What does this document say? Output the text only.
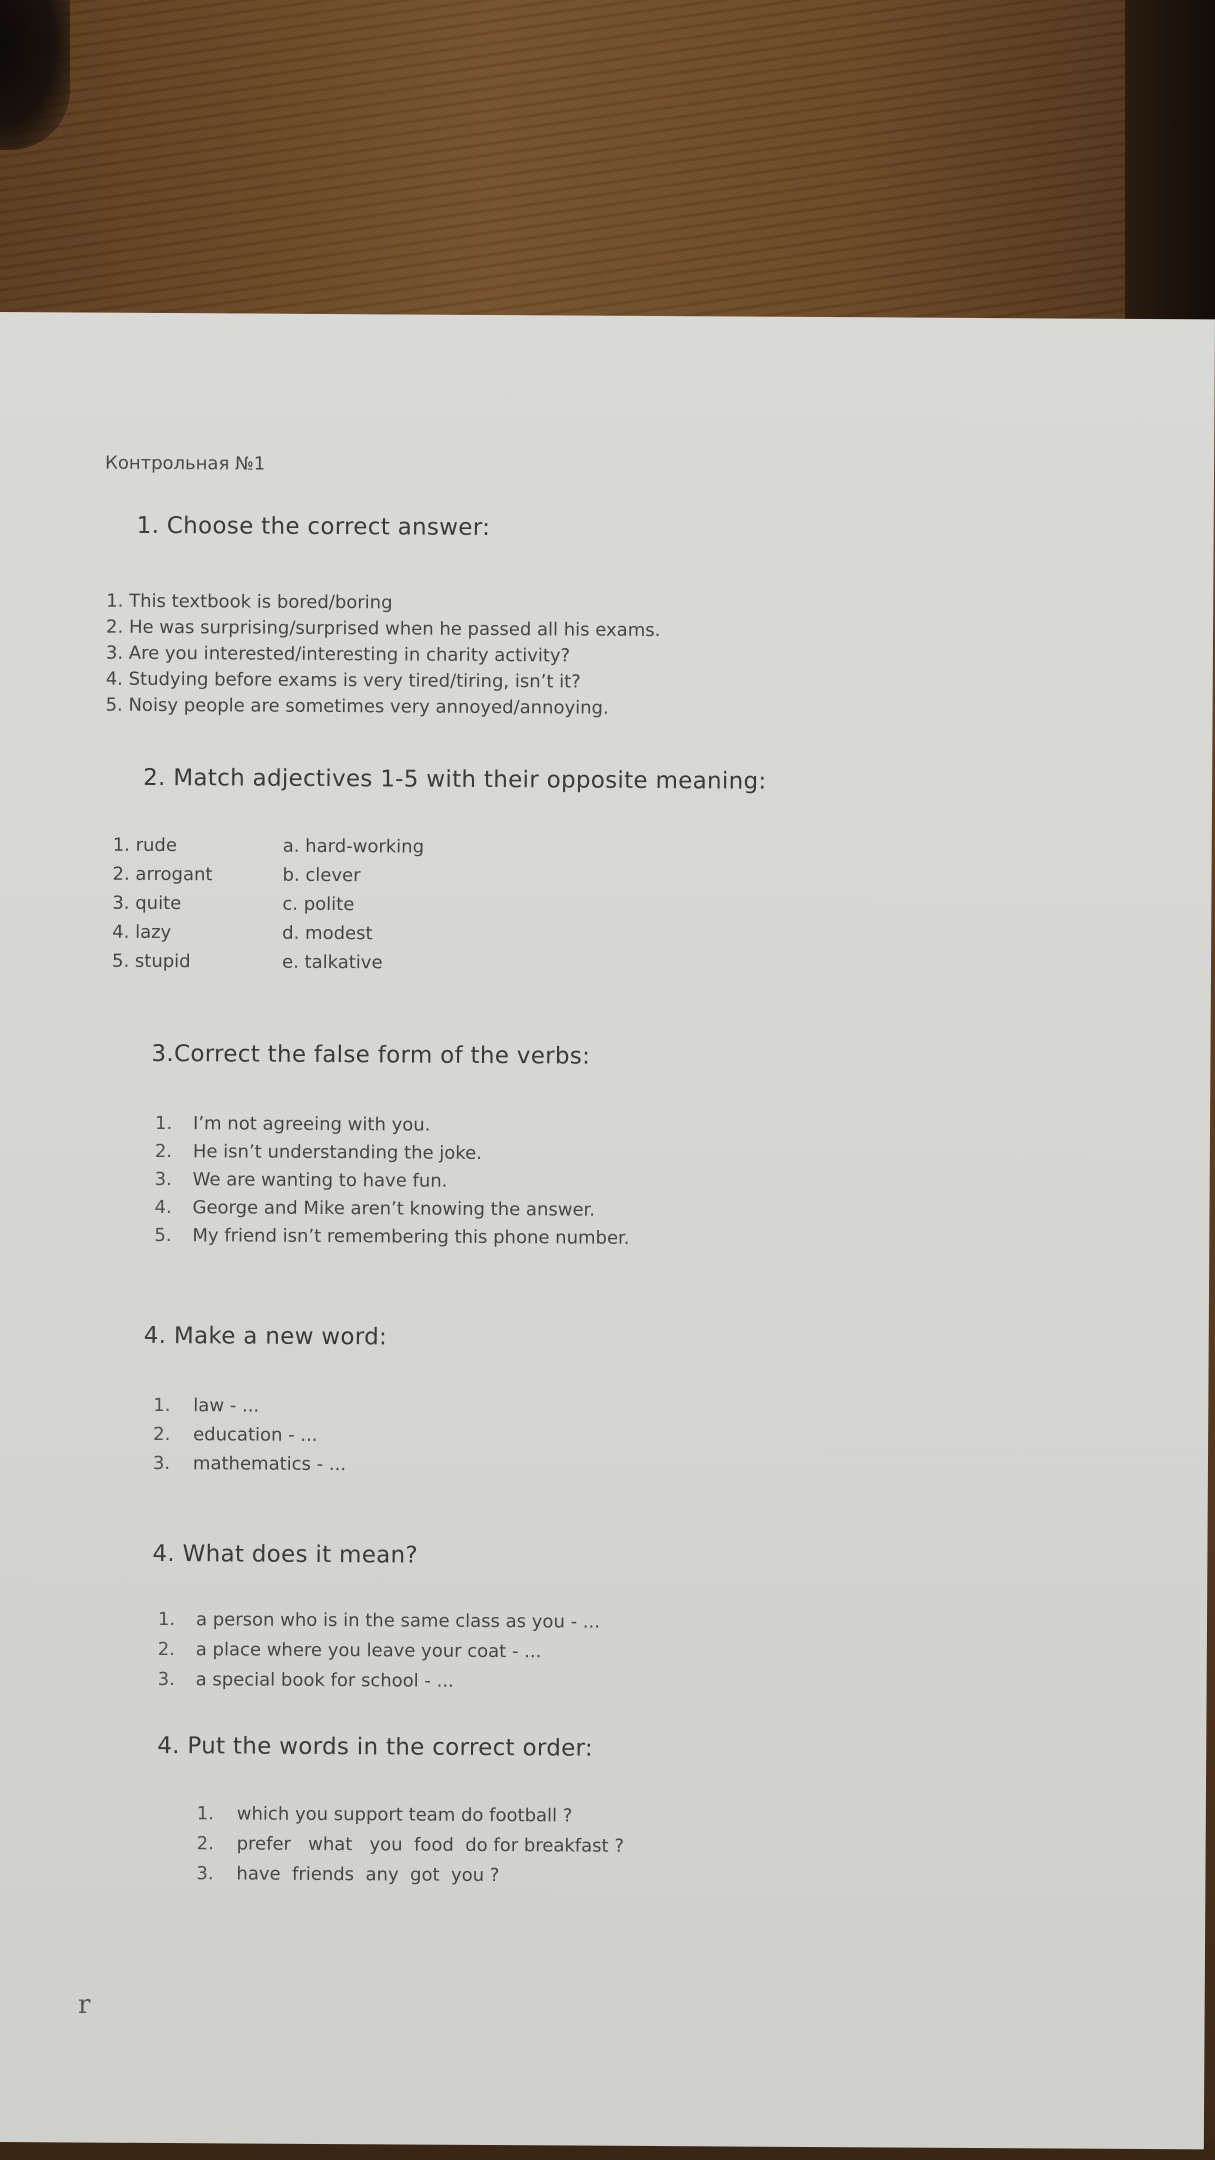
Контрольная №1
1. Choose the correct answer:
1. This textbook is bored/boring
2. He was surprising/surprised when he passed all his exams.
3. Are you interested/interesting in charity activity?
4. Studying before exams is very tired/tiring, isn’t it?
5. Noisy people are sometimes very annoyed/annoying.
2. Match adjectives 1-5 with their opposite meaning:
1. rude
2. arrogant
3. quite
4. lazy
5. stupid
a. hard-working
b. clever
c. polite
d. modest
e. talkative
3.Correct the false form of the verbs:
1.
2.
3.
4.
5.
I’m not agreeing with you.
He isn’t understanding the joke.
We are wanting to have fun.
George and Mike aren’t knowing the answer.
My friend isn’t remembering this phone number.
4. Make a new word:
1.
2.
3.
law - ...
education - ...
mathematics - ...
4. What does it mean?
1.
2.
3.
a person who is in the same class as you - ...
a place where you leave your coat - ...
a special book for school - ...
4. Put the words in the correct order:
1.
2.
3.
which you support team do football ?
prefer   what   you  food  do for breakfast ?
have  friends  any  got  you ?
r
